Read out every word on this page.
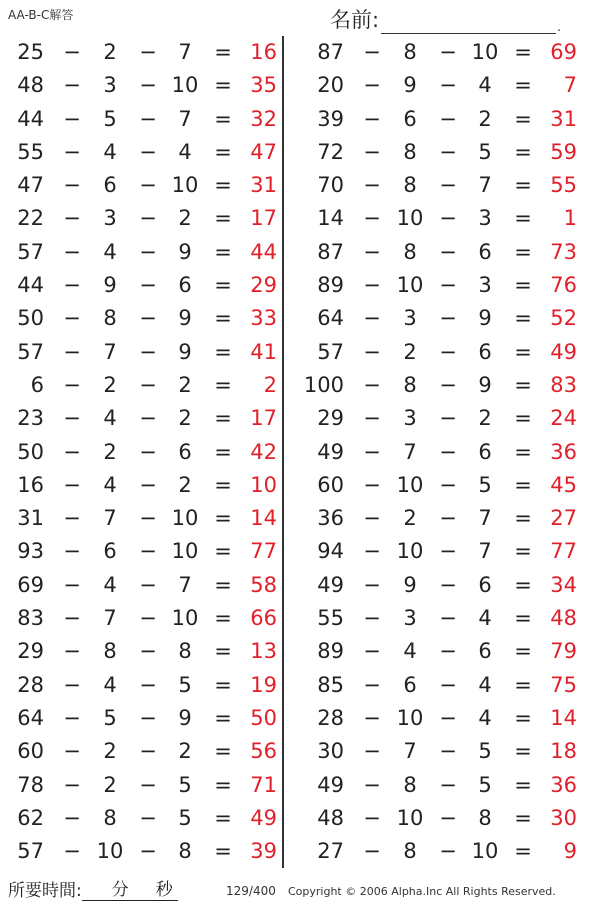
AA-B-C解答	名前:	.
25 −	2	−	7	= 16
48 −	3	− 10 = 35
44 −	5	−	7	= 32
55 −	4	−	4	= 47
47 −	6	− 10 = 31
22 −	3	−	2	= 17
57 −	4	−	9	= 44
44 −	9	−	6	= 29
50 −	8	−	9	= 33
57 −	7	−	9	= 41
6 −	2	−	2	=	2
23 −	4	−	2	= 17
50 −	2	−	6	= 42
16 −	4	−	2	= 10
31 −	7	− 10 = 14
93 −	6	− 10 = 77
69 −	4	−	7	= 58
83 −	7	− 10 = 66
29 −	8	−	8	= 13
28 −	4	−	5	= 19
64 −	5	−	9	= 50
60 −	2	−	2	= 56
78 −	2	−	5	= 71
62 −	8	−	5	= 49
57 − 10 −	8	= 39
87 −	8	− 10 = 69
20 −	9	−	4	=	7
39 −	6	−	2	= 31
72 −	8	−	5	= 59
70 −	8	−	7	= 55
14 − 10 −	3	=	1
87 −	8	−	6	= 73
89 − 10 −	3	= 76
64 −	3	−	9	= 52
57 −	2	−	6	= 49
100 −	8	−	9	= 83
29 −	3	−	2	= 24
49 −	7	−	6	= 36
60 − 10 −	5	= 45
36 −	2	−	7	= 27
94 − 10 −	7	= 77
49 −	9	−	6	= 34
55 −	3	−	4	= 48
89 −	4	−	6	= 79
85 −	6	−	4	= 75
28 − 10 −	4	= 14
30 −	7	−	5	= 18
49 −	8	−	5	= 36
48 − 10 −	8	= 30
27 −	8	− 10 =	9
所要時間: 分 秒	129/400 Copyright © 2006 Alpha.Inc All Rights Reserved.
